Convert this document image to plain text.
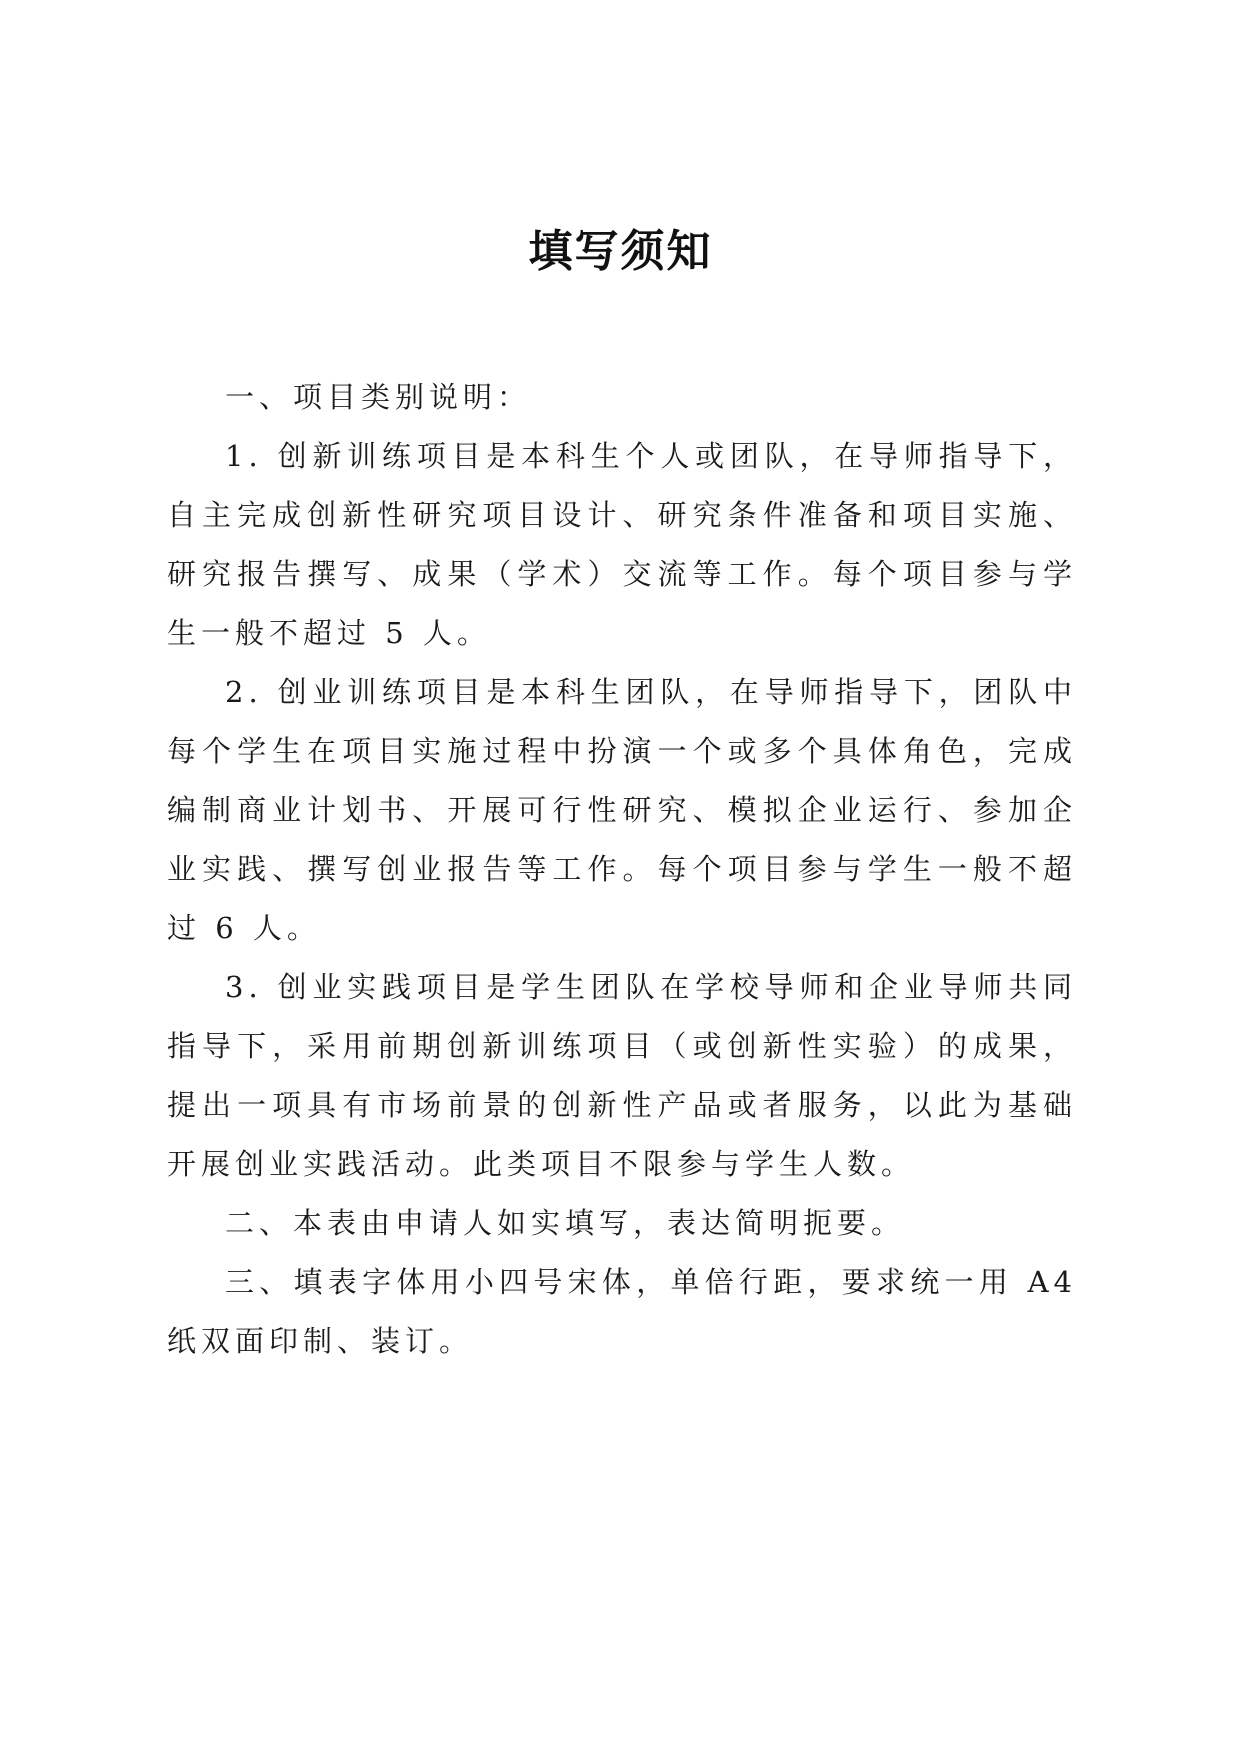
填写须知

一、项目类别说明：

1. 创新训练项目是本科生个人或团队，在导师指导下，自主完成创新性研究项目设计、研究条件准备和项目实施、研究报告撰写、成果（学术）交流等工作。每个项目参与学生一般不超过 5 人。

2. 创业训练项目是本科生团队，在导师指导下，团队中每个学生在项目实施过程中扮演一个或多个具体角色，完成编制商业计划书、开展可行性研究、模拟企业运行、参加企业实践、撰写创业报告等工作。每个项目参与学生一般不超过 6 人。

3. 创业实践项目是学生团队在学校导师和企业导师共同指导下，采用前期创新训练项目（或创新性实验）的成果，提出一项具有市场前景的创新性产品或者服务，以此为基础开展创业实践活动。此类项目不限参与学生人数。

二、本表由申请人如实填写，表达简明扼要。

三、填表字体用小四号宋体，单倍行距，要求统一用 A4 纸双面印制、装订。
